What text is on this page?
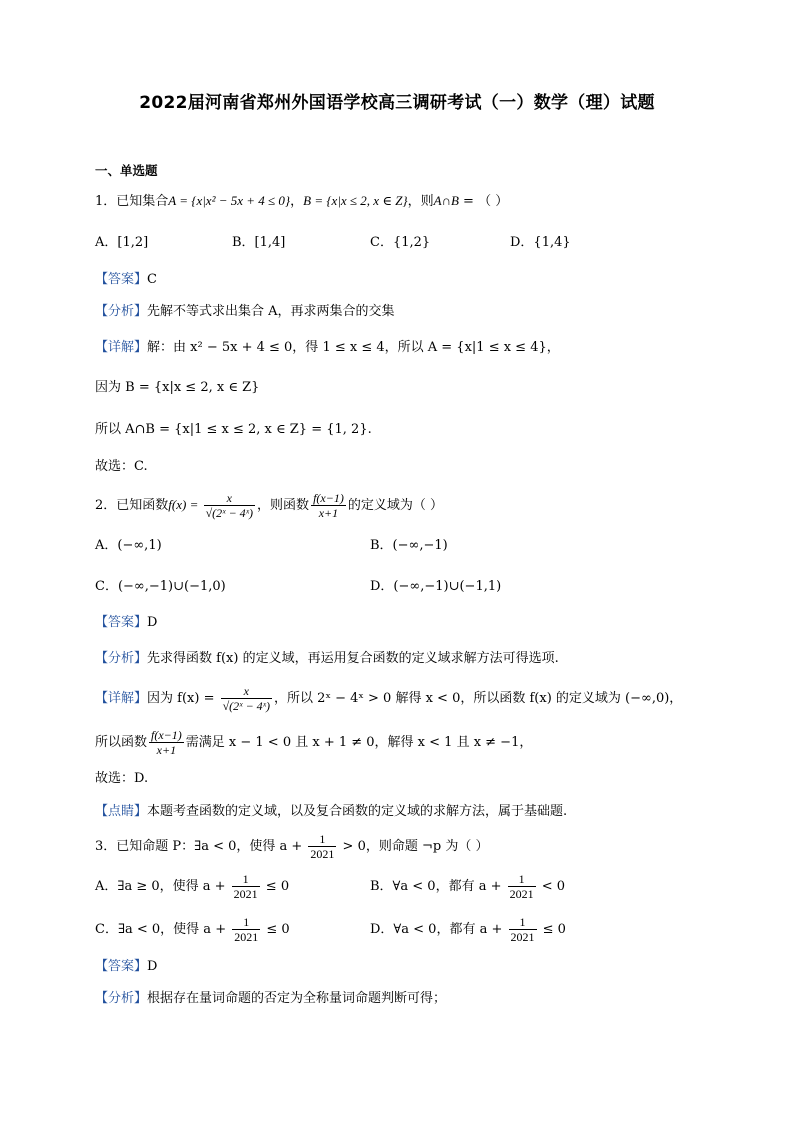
2022届河南省郑州外国语学校高三调研考试（一）数学（理）试题
一、单选题
1．已知集合A = {x|x² − 5x + 4 ≤ 0}，B = {x|x ≤ 2, x ∈ Z}，则A∩B = （ ）
A．[1,2]	B．[1,4]	C．{1,2}	D．{1,4}
【答案】C
【分析】先解不等式求出集合 A，再求两集合的交集
【详解】解：由 x² − 5x + 4 ≤ 0，得 1 ≤ x ≤ 4，所以 A = {x|1 ≤ x ≤ 4}，
因为 B = {x|x ≤ 2, x ∈ Z}
所以 A∩B = {x|1 ≤ x ≤ 2, x ∈ Z} = {1, 2}.
故选：C.
2．已知函数$f(x) = \frac{x}{\text{√(2ˣ − 4ˣ)}}$ ，则函数 $\frac{f(x-1)}{x+1}$ 的定义域为（ ）
A．(−∞,1)	B．(−∞,−1)
C．(−∞,−1)∪(−1,0)	D．(−∞,−1)∪(−1,1)
【答案】D
【分析】先求得函数 f(x) 的定义域，再运用复合函数的定义域求解方法可得选项.
【详解】因为 $f(x) = \frac{x}{\text{√(2ˣ − 4ˣ)}}$ ，所以 2ˣ − 4ˣ > 0 解得 x < 0，所以函数 f(x) 的定义域为 (−∞,0)，
所以函数 $\frac{f(x-1)}{x+1}$ 需满足 x − 1 < 0 且 x + 1 ≠ 0，解得 x < 1 且 x ≠ −1，
故选：D.
【点睛】本题考查函数的定义域，以及复合函数的定义域的求解方法，属于基础题.
3．已知命题 P：∃a < 0，使得 $a + \frac{1}{2021} > 0$，则命题 ¬p 为（ ）
A．∃a ≥ 0，使得 $a + \frac{1}{2021} \le 0$	B．∀a < 0，都有 $a + \frac{1}{2021} < 0$
C．∃a < 0，使得 $a + \frac{1}{2021} \le 0$	D．∀a < 0，都有 $a + \frac{1}{2021} \le 0$
【答案】D
【分析】根据存在量词命题的否定为全称量词命题判断可得；
